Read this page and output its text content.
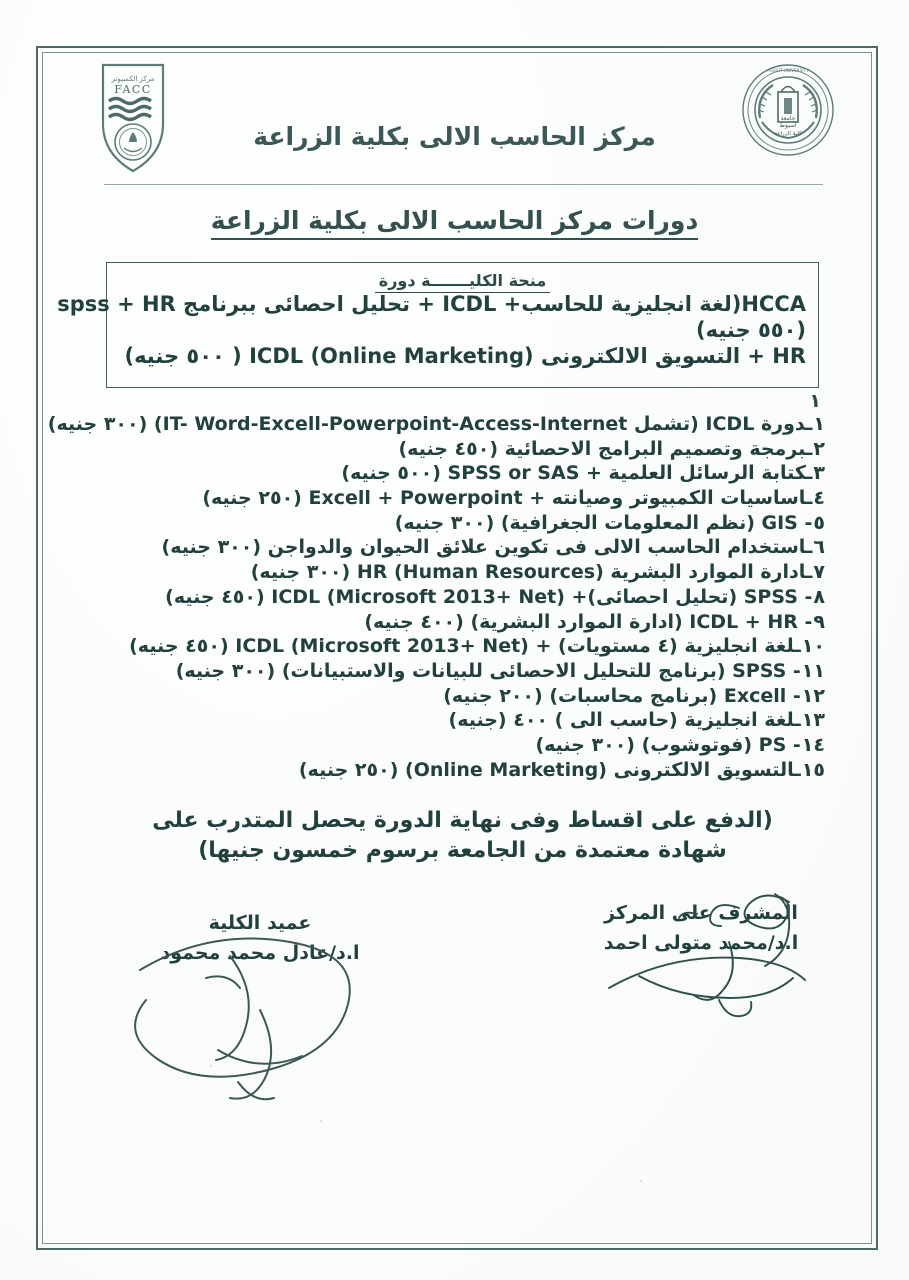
مركز الكمبيوتر
FACC
جامعة
اسيوط
كلية الزراعة
ASSIUT UNIVERSITY
مركز الحاسب الالى بكلية الزراعة
دورات مركز الحاسب الالى بكلية الزراعة
منحة الكليـــــــة دورة
HCCA(لغة انجليزية للحاسب+ ICDL + تحليل احصائى ببرنامج spss + HR
(٥٥٠ جنيه)
HR + التسويق الالكترونى (ICDL (Online Marketing ( ٥٠٠ جنيه)
١
١ـدورة ICDL (تشمل IT- Word-Excell-Powerpoint-Access-Internet) (٣٠٠ جنيه)
٢ـبرمجة وتصميم البرامج الاحصائية (٤٥٠ جنيه)
٣ـكتابة الرسائل العلمية + SPSS or SAS (٥٠٠ جنيه)
٤ـاساسيات الكمبيوتر وصيانته + Excell + Powerpoint (٢٥٠ جنيه)
٥- GIS (نظم المعلومات الجغرافية) (٣٠٠ جنيه)
٦ـاستخدام الحاسب الالى فى تكوين علائق الحيوان والدواجن (٣٠٠ جنيه)
٧ـادارة الموارد البشرية HR (Human Resources) (٣٠٠ جنيه)
٨- SPSS (تحليل احصائى)+ ICDL (Microsoft 2013+ Net) (٤٥٠ جنيه)
٩- ICDL + HR (ادارة الموارد البشرية) (٤٠٠ جنيه)
١٠ـلغة انجليزية (٤ مستويات) + ICDL (Microsoft 2013+ Net) (٤٥٠ جنيه)
١١- SPSS (برنامج للتحليل الاحصائى للبيانات والاستبيانات) (٣٠٠ جنيه)
١٢- Excell (برنامج محاسبات) (٢٠٠ جنيه)
١٣ـلغة انجليزية (حاسب الى ) ٤٠٠ (جنيه)
١٤- PS (فوتوشوب) (٣٠٠ جنيه)
١٥ـالتسويق الالكترونى (Online Marketing) (٢٥٠ جنيه)
(الدفع على اقساط وفى نهاية الدورة يحصل المتدرب على شهادة معتمدة من الجامعة برسوم خمسون جنيها)
المشرف على المركز
ا.د/محمد متولى احمد
عميد الكلية
ا.د/عادل محمد محمود
